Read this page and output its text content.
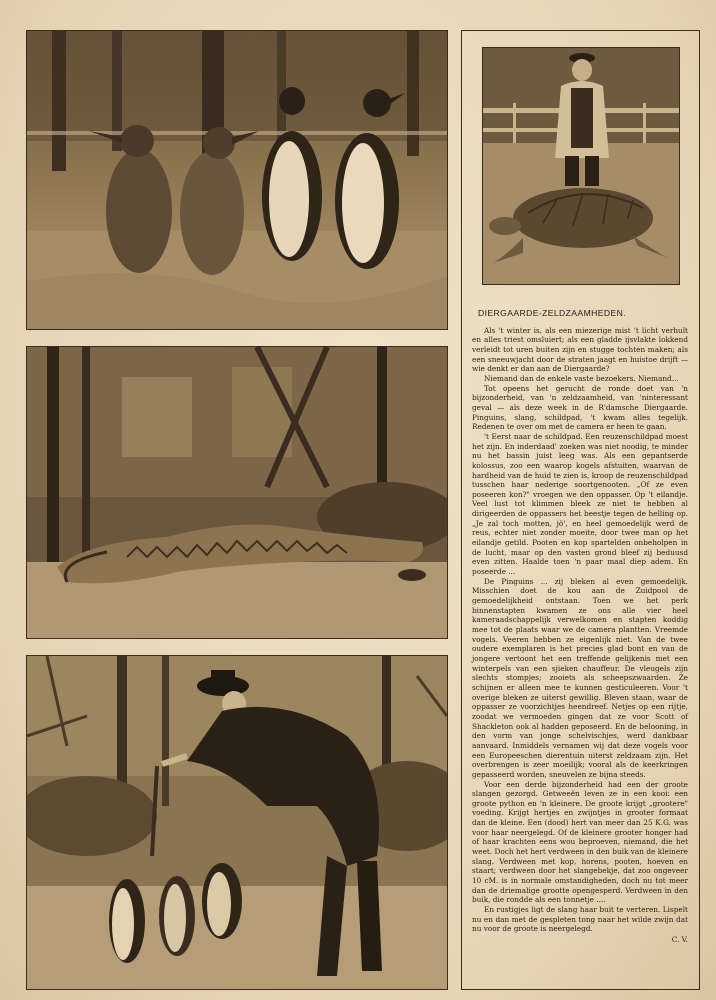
DIERGAARDE-ZELDZAAMHEDEN.

Als 't winter is, als een miezerige mist 't licht verhult en alles triest omsluiert; als een gladde ijsvlakte lokkend verleidt tot uren buiten zijn en stugge tochten maken; als een sneeuwjacht door de straten jaagt en huistoe drijft — wie denkt er dan aan de Diergaarde?

Niemand dan de enkele vaste bezoekers. Niemand...

Tot opeens het gerucht de ronde doet van 'n bijzonderheid, van 'n zeldzaamheid, van 'ninteressant geval — als deze week in de R'damsche Diergaarde. Pinguins, slang, schildpad, 't kwam alles tegelijk. Redenen te over om met de camera er heen te gaan.

't Eerst naar de schildpad. Een reuzenschildpad moest het zijn. En inderdaad' zoeken was niet noodig, te minder nu het bassin juist leeg was. Als een gepantserde kolossus, zoo een waarop kogels afstuiten, waarvan de hardheid van de huid te zien is, kroop de reuzenschildpad tusschen haar nederige soortgenooten. „Of ze even poseeren kon?" vroegen we den oppasser. Op 't eilandje. Veel lust tot klimmen bleek ze niet te hebben al dirigeerden de oppassers het beestje tegen de helling op. „Je zal toch motten, jö', en heel gemoedelijk werd de reus, echter niet zonder moeite, door twee man op het eilandje getild. Pooten en kop spartelden onbeholpen in de lucht, maar op den vasten grond bleef zij beduusd even zitten. Haalde toen 'n paar maal diep adem. En poseerde ...

De Pinguins ... zij bleken al even gemoedelijk. Misschien doet de kou aan de Zuidpool de gemoedelijkheid ontstaan. Toen we het perk binnenstapten kwamen ze ons alle vier heel kameraadschappelijk verwelkomen en stapten koddig mee tot de plaats waar we de camera plantten. Vreemde vogels. Veeren hebben ze eigenlijk niet. Van de twee oudere exemplaren is het precies glad bont en van de jongere vertoont het een treffende gelijkenis met een winterpels van een sjieken chauffeur. De vleugels zijn slechts stompjes; zooiets als scheepszwaarden. Ze schijnen er alleen mee te kunnen gesticuleeren. Voor 't overige bleken ze uiterst gewillig. Bleven staan, waar de oppasser ze voorzichtjes heendreef. Netjes op een rijtje, zoodat we vermoeden gingen dat ze voor Scott of Shackleton ook al hadden geposeerd. En de belooning, in den vorm van jonge schelvischjes, werd dankbaar aanvaard. Inmiddels vernamen wij dat deze vogels voor een Europeeschen dierentuin uiterst zeldzaam zijn. Het overbrengen is zeer moeilijk; vooral als de keerkringen gepasseerd worden, sneuvelen ze bijna steeds.

Voor een derde bijzonderheid had een der groote slangen gezorgd. Getweeën leven ze in een kooi: een groote python en 'n kleinere. De groote krijgt „grootere" voeding. Krijgt hertjes en zwijntjes in grooter formaat dan de kleine. Een (dood) hert van meer dan 25 K.G. was voor haar neergelegd. Of de kleinere grooter honger had of haar krachten eens wou beproeven, niemand, die het weet. Doch het hert verdween in den buik van de kleinere slang. Verdween met kop, horens, pooten, hoeven en staart; verdween door het slangebekje, dat zoo ongeveer 10 cM. is in normale omstandigheden, doch nu tot meer dan de driemalige grootte opengesperd. Verdween in den buik, die rondde als een tonnetje ....

En rustigjes ligt de slang haar buit te verteren. Lispelt nu en dan met de gespleten tong naar het wilde zwijn dat nu voor de groote is neergelegd.

C. V.
